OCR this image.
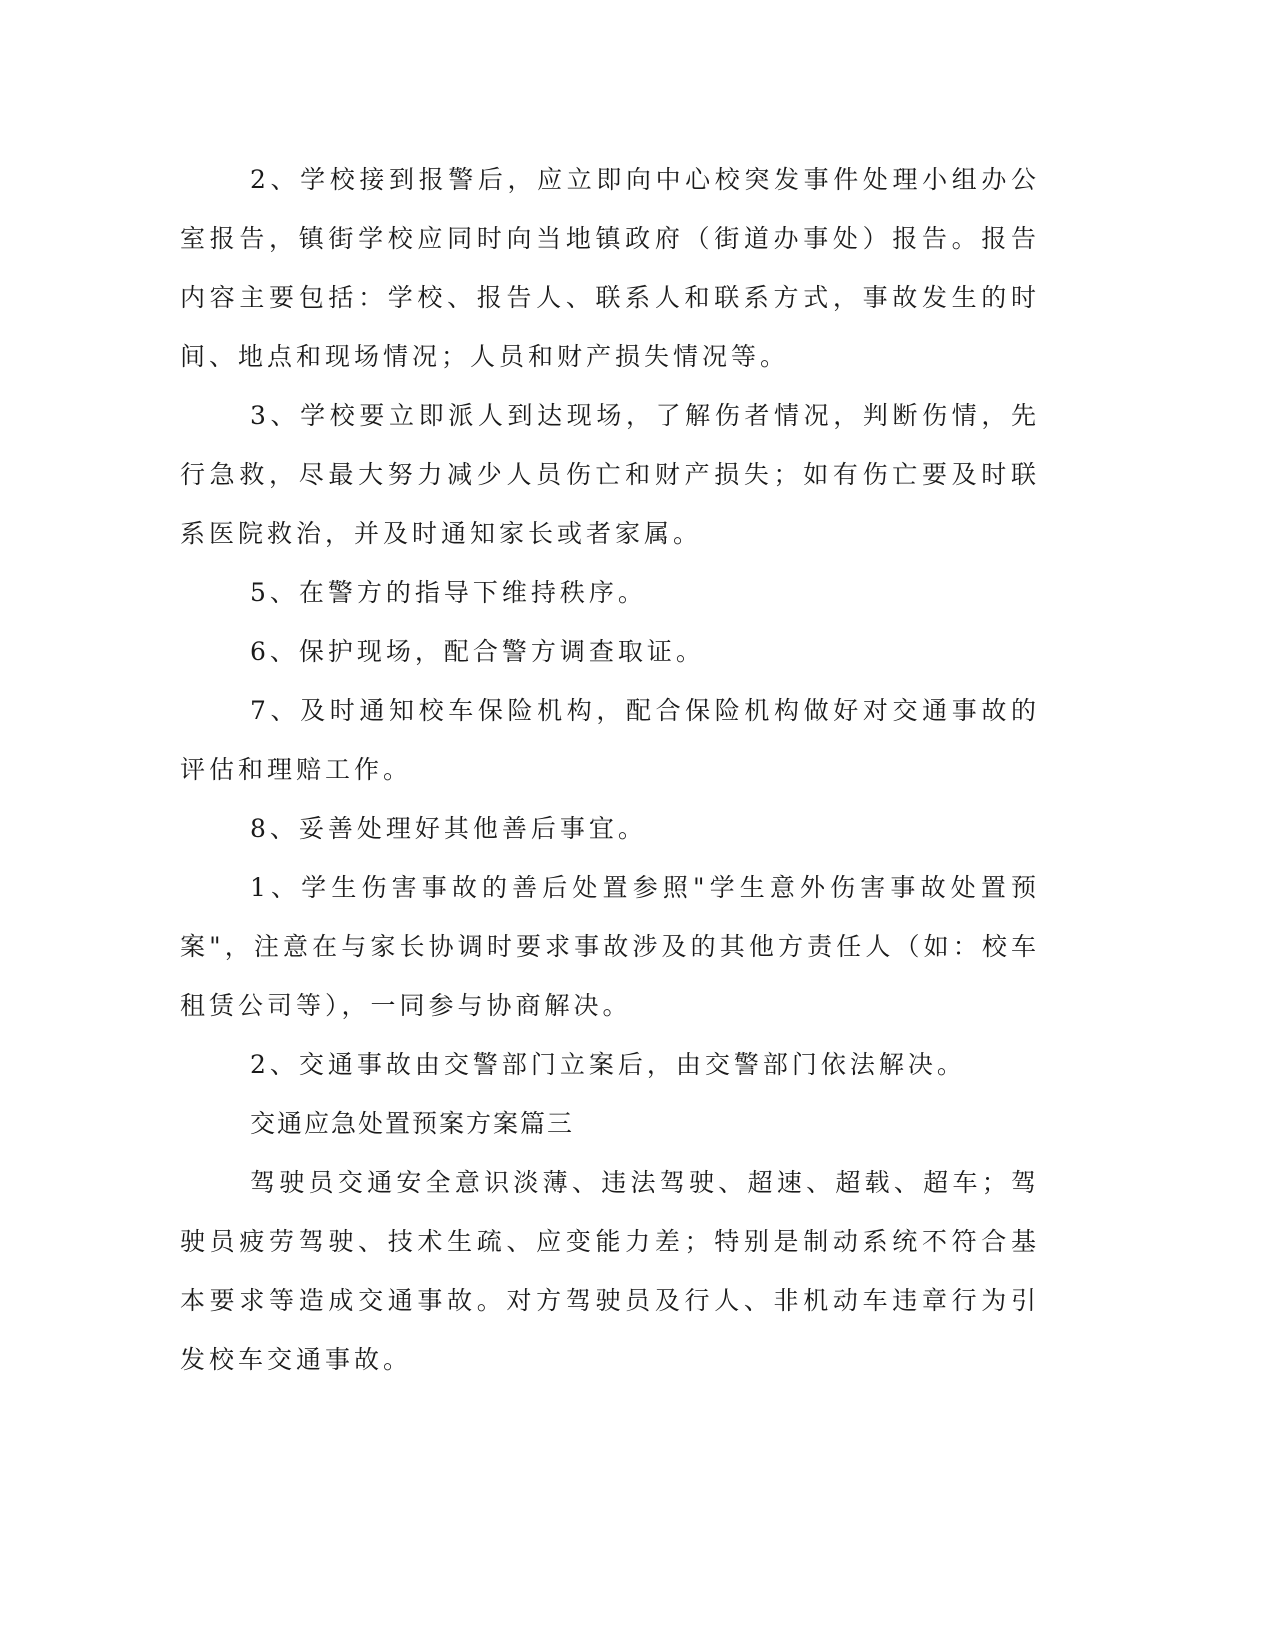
2、学校接到报警后，应立即向中心校突发事件处理小组办公室报告，镇街学校应同时向当地镇政府（街道办事处）报告。报告内容主要包括：学校、报告人、联系人和联系方式，事故发生的时间、地点和现场情况；人员和财产损失情况等。

3、学校要立即派人到达现场，了解伤者情况，判断伤情，先行急救，尽最大努力减少人员伤亡和财产损失；如有伤亡要及时联系医院救治，并及时通知家长或者家属。

5、在警方的指导下维持秩序。

6、保护现场，配合警方调查取证。

7、及时通知校车保险机构，配合保险机构做好对交通事故的评估和理赔工作。

8、妥善处理好其他善后事宜。

1、学生伤害事故的善后处置参照"学生意外伤害事故处置预案"，注意在与家长协调时要求事故涉及的其他方责任人（如：校车租赁公司等），一同参与协商解决。

2、交通事故由交警部门立案后，由交警部门依法解决。

交通应急处置预案方案篇三

驾驶员交通安全意识淡薄、违法驾驶、超速、超载、超车；驾驶员疲劳驾驶、技术生疏、应变能力差；特别是制动系统不符合基本要求等造成交通事故。对方驾驶员及行人、非机动车违章行为引发校车交通事故。
